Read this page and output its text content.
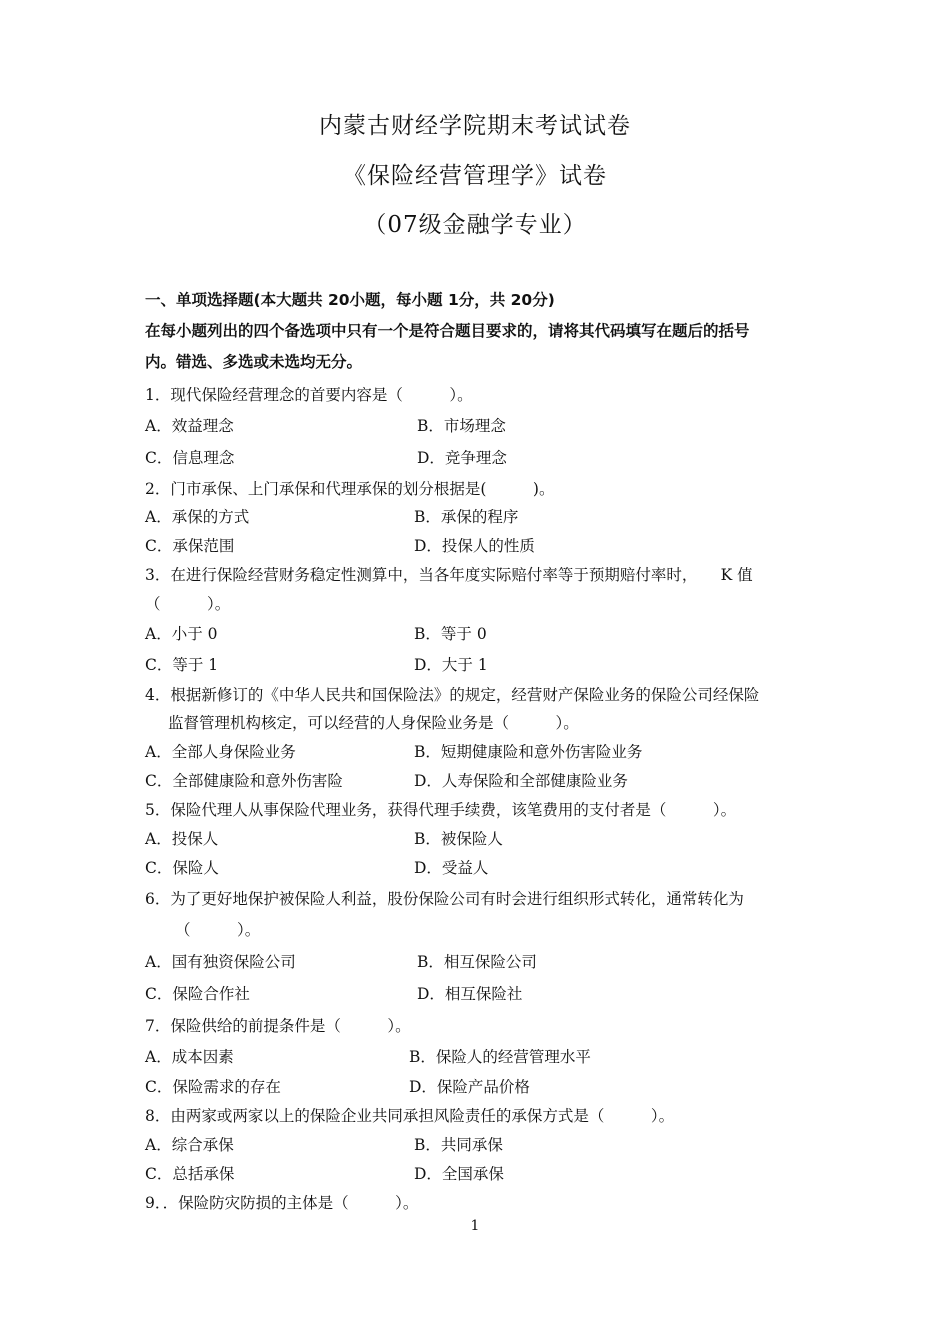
内蒙古财经学院期末考试试卷
《保险经营管理学》试卷
（07级金融学专业）
一、单项选择题(本大题共 20小题，每小题 1分，共 20分)
在每小题列出的四个备选项中只有一个是符合题目要求的，请将其代码填写在题后的括号
内。错选、多选或未选均无分。
1．现代保险经营理念的首要内容是（　　　）。
A．效益理念	B．市场理念
C．信息理念	D．竞争理念
2．门市承保、上门承保和代理承保的划分根据是(　　　)。
A．承保的方式	B．承保的程序
C．承保范围	D．投保人的性质
3．在进行保险经营财务稳定性测算中，当各年度实际赔付率等于预期赔付率时，　　K 值
（　　　）。
A．小于 0	B．等于 0
C．等于 1	D．大于 1
4．根据新修订的《中华人民共和国保险法》的规定，经营财产保险业务的保险公司经保险
监督管理机构核定，可以经营的人身保险业务是（　　　）。
A．全部人身保险业务	B．短期健康险和意外伤害险业务
C．全部健康险和意外伤害险	D．人寿保险和全部健康险业务
5．保险代理人从事保险代理业务，获得代理手续费，该笔费用的支付者是（　　　）。
A．投保人	B．被保险人
C．保险人	D．受益人
6．为了更好地保护被保险人利益，股份保险公司有时会进行组织形式转化，通常转化为
（　　　）。
A．国有独资保险公司	B．相互保险公司
C．保险合作社	D．相互保险社
7．保险供给的前提条件是（　　　）。
A．成本因素	B．保险人的经营管理水平
C．保险需求的存在	D．保险产品价格
8．由两家或两家以上的保险企业共同承担风险责任的承保方式是（　　　）。
A．综合承保	B．共同承保
C．总括承保	D．全国承保
9．．保险防灾防损的主体是（　　　）。
1
